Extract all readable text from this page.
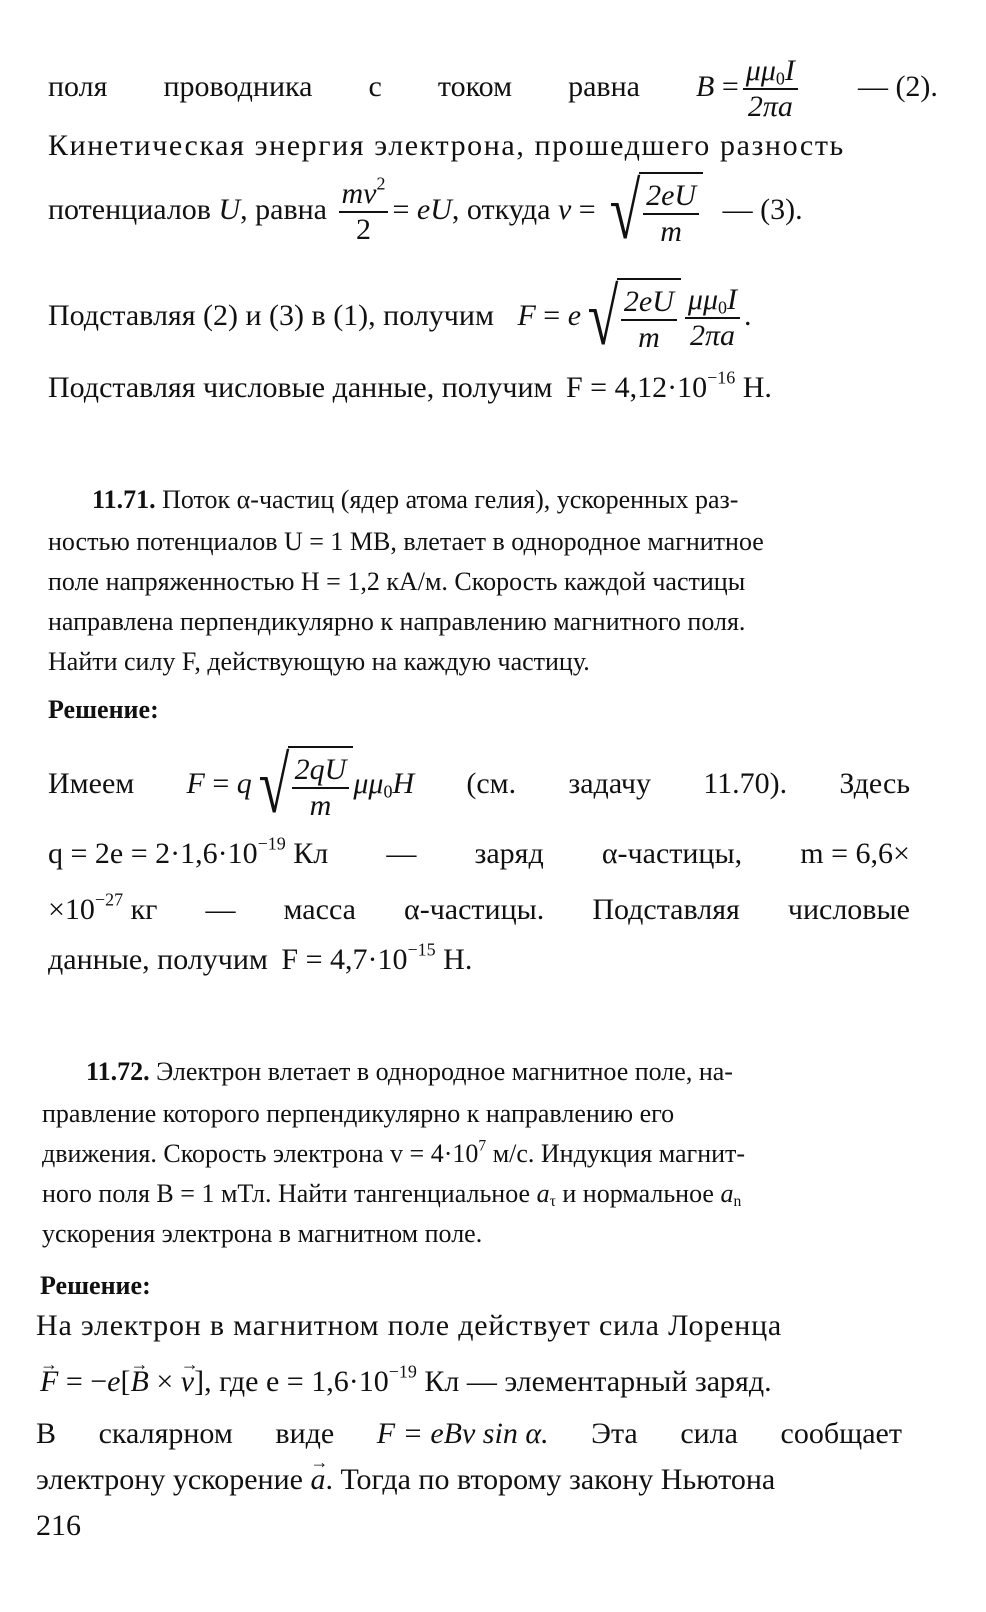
поля проводника с током равна $B = \frac{\mu\mu_0I}{2\pi a}$ — (2).
Кинетическая энергия электрона, прошедшего разность
потенциалов U, равна $\frac{mv^2}{2}$ = eU, откуда v = √ $\frac{2eU}{m}$ — (3).
Подставляя (2) и (3) в (1), получим F = e √ $\frac{2eU}{m} \frac{\mu\mu_0I}{2\pi a}$ .
Подставляя числовые данные, получим $F = 4,12\cdot 10^{-16}$ Н.
11.71. Поток α-частиц (ядер атома гелия), ускоренных раз-
ностью потенциалов U = 1 MB, влетает в однородное магнитное
поле напряженностью H = 1,2 кА/м. Скорость каждой частицы
направлена перпендикулярно к направлению магнитного поля.
Найти силу F, действующую на каждую частицу.
Решение:
Имеем F = q √ $\frac{2qU}{m} \mu\mu_0H$ (см. задачу 11.70). Здесь
$q = 2e = 2\cdot 1,6\cdot 10^{-19}$ Кл — заряд α-частицы, m = 6,6×
$\times 10^{-27}$ кг — масса α-частицы. Подставляя числовые
данные, получим $F = 4,7\cdot 10^{-15}$ Н.
11.72. Электрон влетает в однородное магнитное поле, на-
правление которого перпендикулярно к направлению его
движения. Скорость электрона $v = 4\cdot 10^7$ м/с. Индукция магнит-
ного поля B = 1 мТл. Найти тангенциальное $a_\tau$ и нормальное $a_n$
ускорения электрона в магнитном поле.
Решение:
На электрон в магнитном поле действует сила Лоренца
→ F = −e[→ B × → v], где $e = 1,6\cdot 10^{-19}$ Кл — элементарный заряд.
В скалярном виде F = eBv sin α. Эта сила сообщает
электрону ускорение → a. Тогда по второму закону Ньютона
216
